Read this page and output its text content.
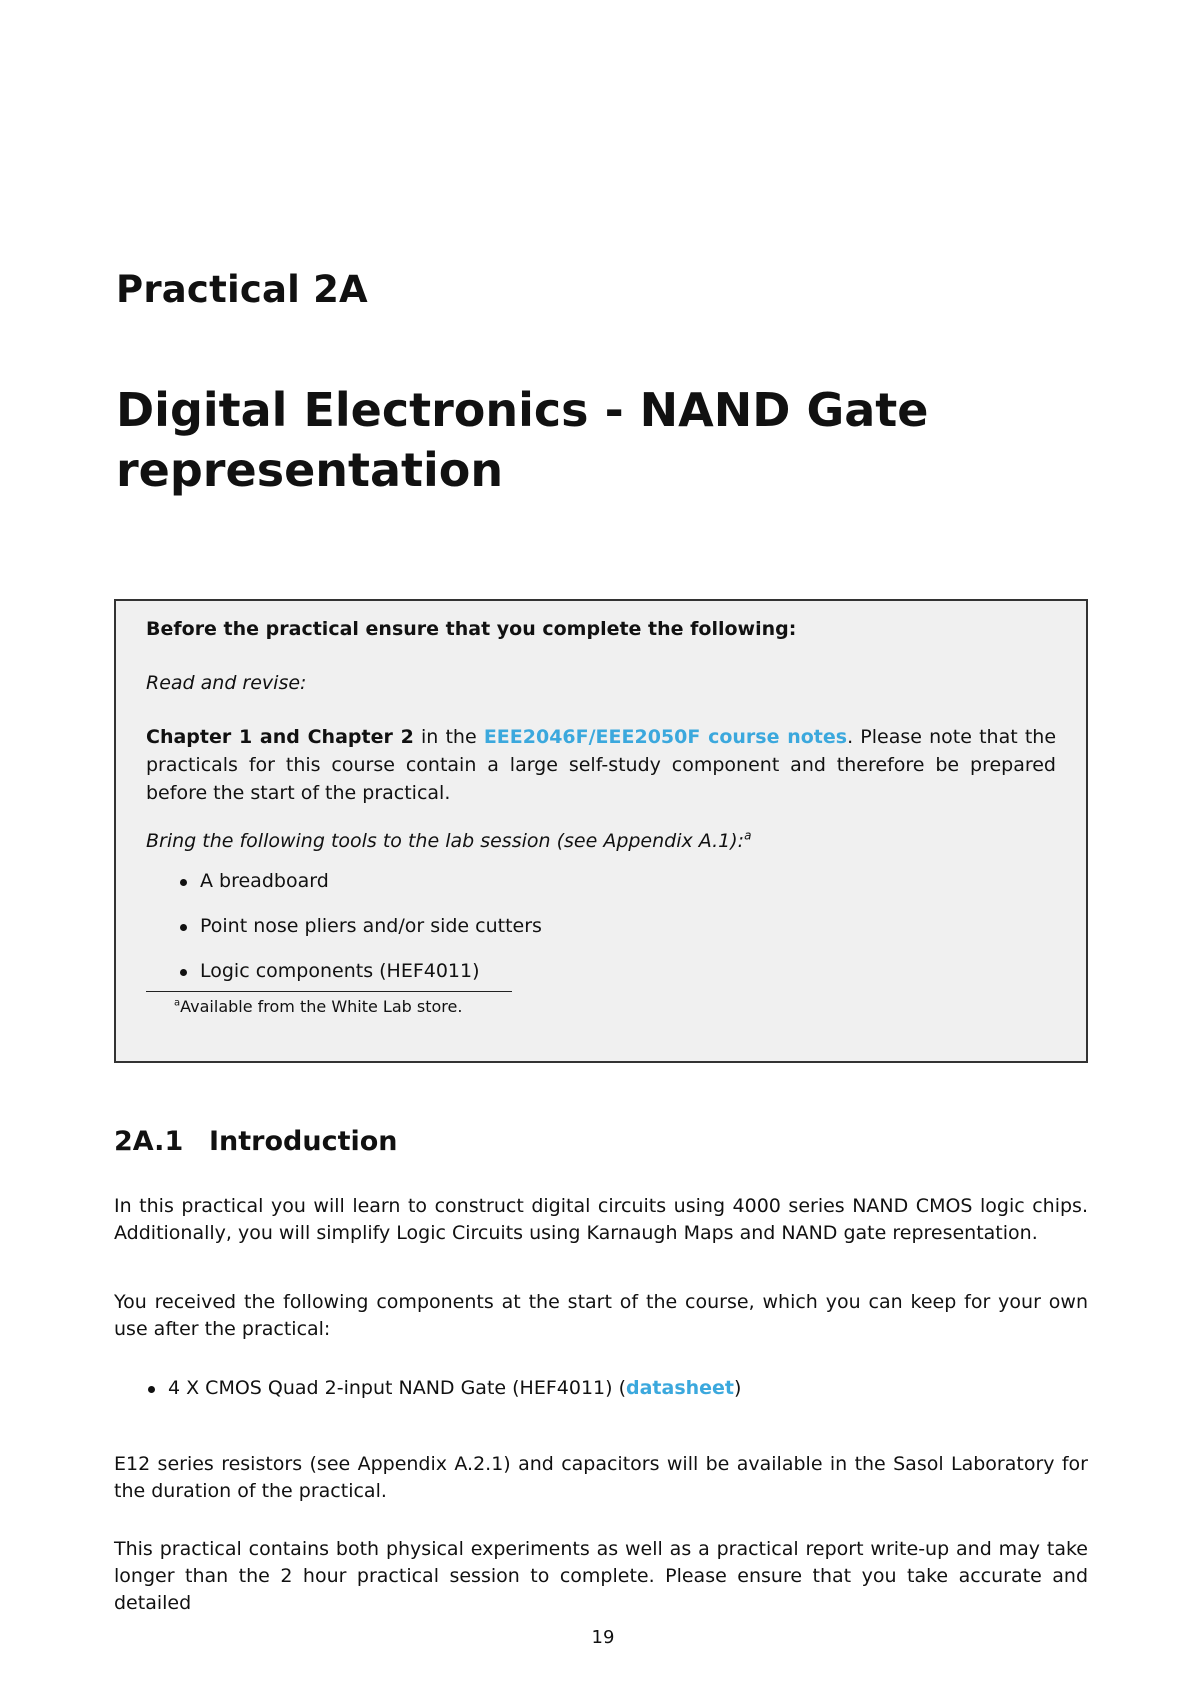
Practical 2A
Digital Electronics - NAND Gate representation

Before the practical ensure that you complete the following:

Read and revise:

Chapter 1 and Chapter 2 in the EEE2046F/EEE2050F course notes. Please note that the practicals for this course contain a large self-study component and therefore be prepared before the start of the practical.

Bring the following tools to the lab session (see Appendix A.1):$^a$

A breadboard
Point nose pliers and/or side cutters
Logic components (HEF4011)

$^a$Available from the White Lab store.

2A.1 Introduction

In this practical you will learn to construct digital circuits using 4000 series NAND CMOS logic chips. Additionally, you will simplify Logic Circuits using Karnaugh Maps and NAND gate representation.

You received the following components at the start of the course, which you can keep for your own use after the practical:

4 X CMOS Quad 2-input NAND Gate (HEF4011) (datasheet)

E12 series resistors (see Appendix A.2.1) and capacitors will be available in the Sasol Laboratory for the duration of the practical.

This practical contains both physical experiments as well as a practical report write-up and may take longer than the 2 hour practical session to complete. Please ensure that you take accurate and detailed

19
